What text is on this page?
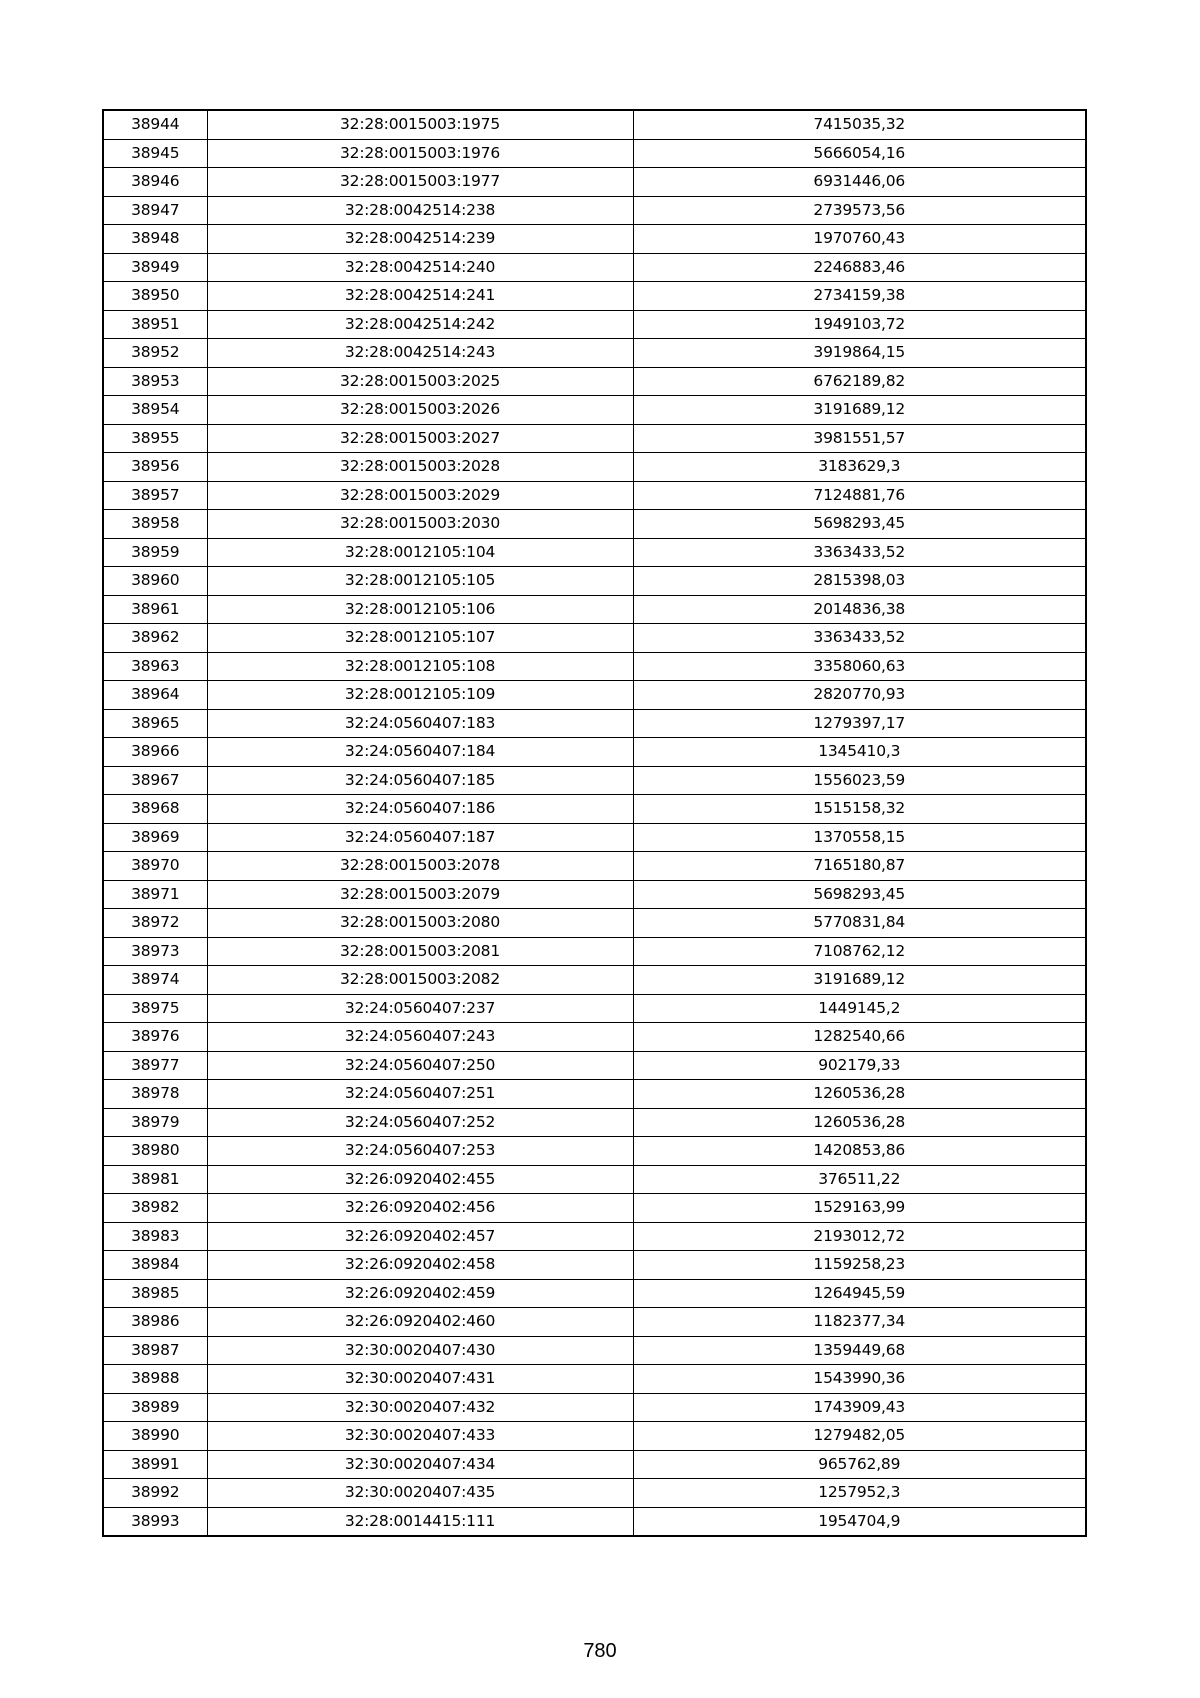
38944	32:28:0015003:1975	7415035,32
38945	32:28:0015003:1976	5666054,16
38946	32:28:0015003:1977	6931446,06
38947	32:28:0042514:238	2739573,56
38948	32:28:0042514:239	1970760,43
38949	32:28:0042514:240	2246883,46
38950	32:28:0042514:241	2734159,38
38951	32:28:0042514:242	1949103,72
38952	32:28:0042514:243	3919864,15
38953	32:28:0015003:2025	6762189,82
38954	32:28:0015003:2026	3191689,12
38955	32:28:0015003:2027	3981551,57
38956	32:28:0015003:2028	3183629,3
38957	32:28:0015003:2029	7124881,76
38958	32:28:0015003:2030	5698293,45
38959	32:28:0012105:104	3363433,52
38960	32:28:0012105:105	2815398,03
38961	32:28:0012105:106	2014836,38
38962	32:28:0012105:107	3363433,52
38963	32:28:0012105:108	3358060,63
38964	32:28:0012105:109	2820770,93
38965	32:24:0560407:183	1279397,17
38966	32:24:0560407:184	1345410,3
38967	32:24:0560407:185	1556023,59
38968	32:24:0560407:186	1515158,32
38969	32:24:0560407:187	1370558,15
38970	32:28:0015003:2078	7165180,87
38971	32:28:0015003:2079	5698293,45
38972	32:28:0015003:2080	5770831,84
38973	32:28:0015003:2081	7108762,12
38974	32:28:0015003:2082	3191689,12
38975	32:24:0560407:237	1449145,2
38976	32:24:0560407:243	1282540,66
38977	32:24:0560407:250	902179,33
38978	32:24:0560407:251	1260536,28
38979	32:24:0560407:252	1260536,28
38980	32:24:0560407:253	1420853,86
38981	32:26:0920402:455	376511,22
38982	32:26:0920402:456	1529163,99
38983	32:26:0920402:457	2193012,72
38984	32:26:0920402:458	1159258,23
38985	32:26:0920402:459	1264945,59
38986	32:26:0920402:460	1182377,34
38987	32:30:0020407:430	1359449,68
38988	32:30:0020407:431	1543990,36
38989	32:30:0020407:432	1743909,43
38990	32:30:0020407:433	1279482,05
38991	32:30:0020407:434	965762,89
38992	32:30:0020407:435	1257952,3
38993	32:28:0014415:111	1954704,9
780
